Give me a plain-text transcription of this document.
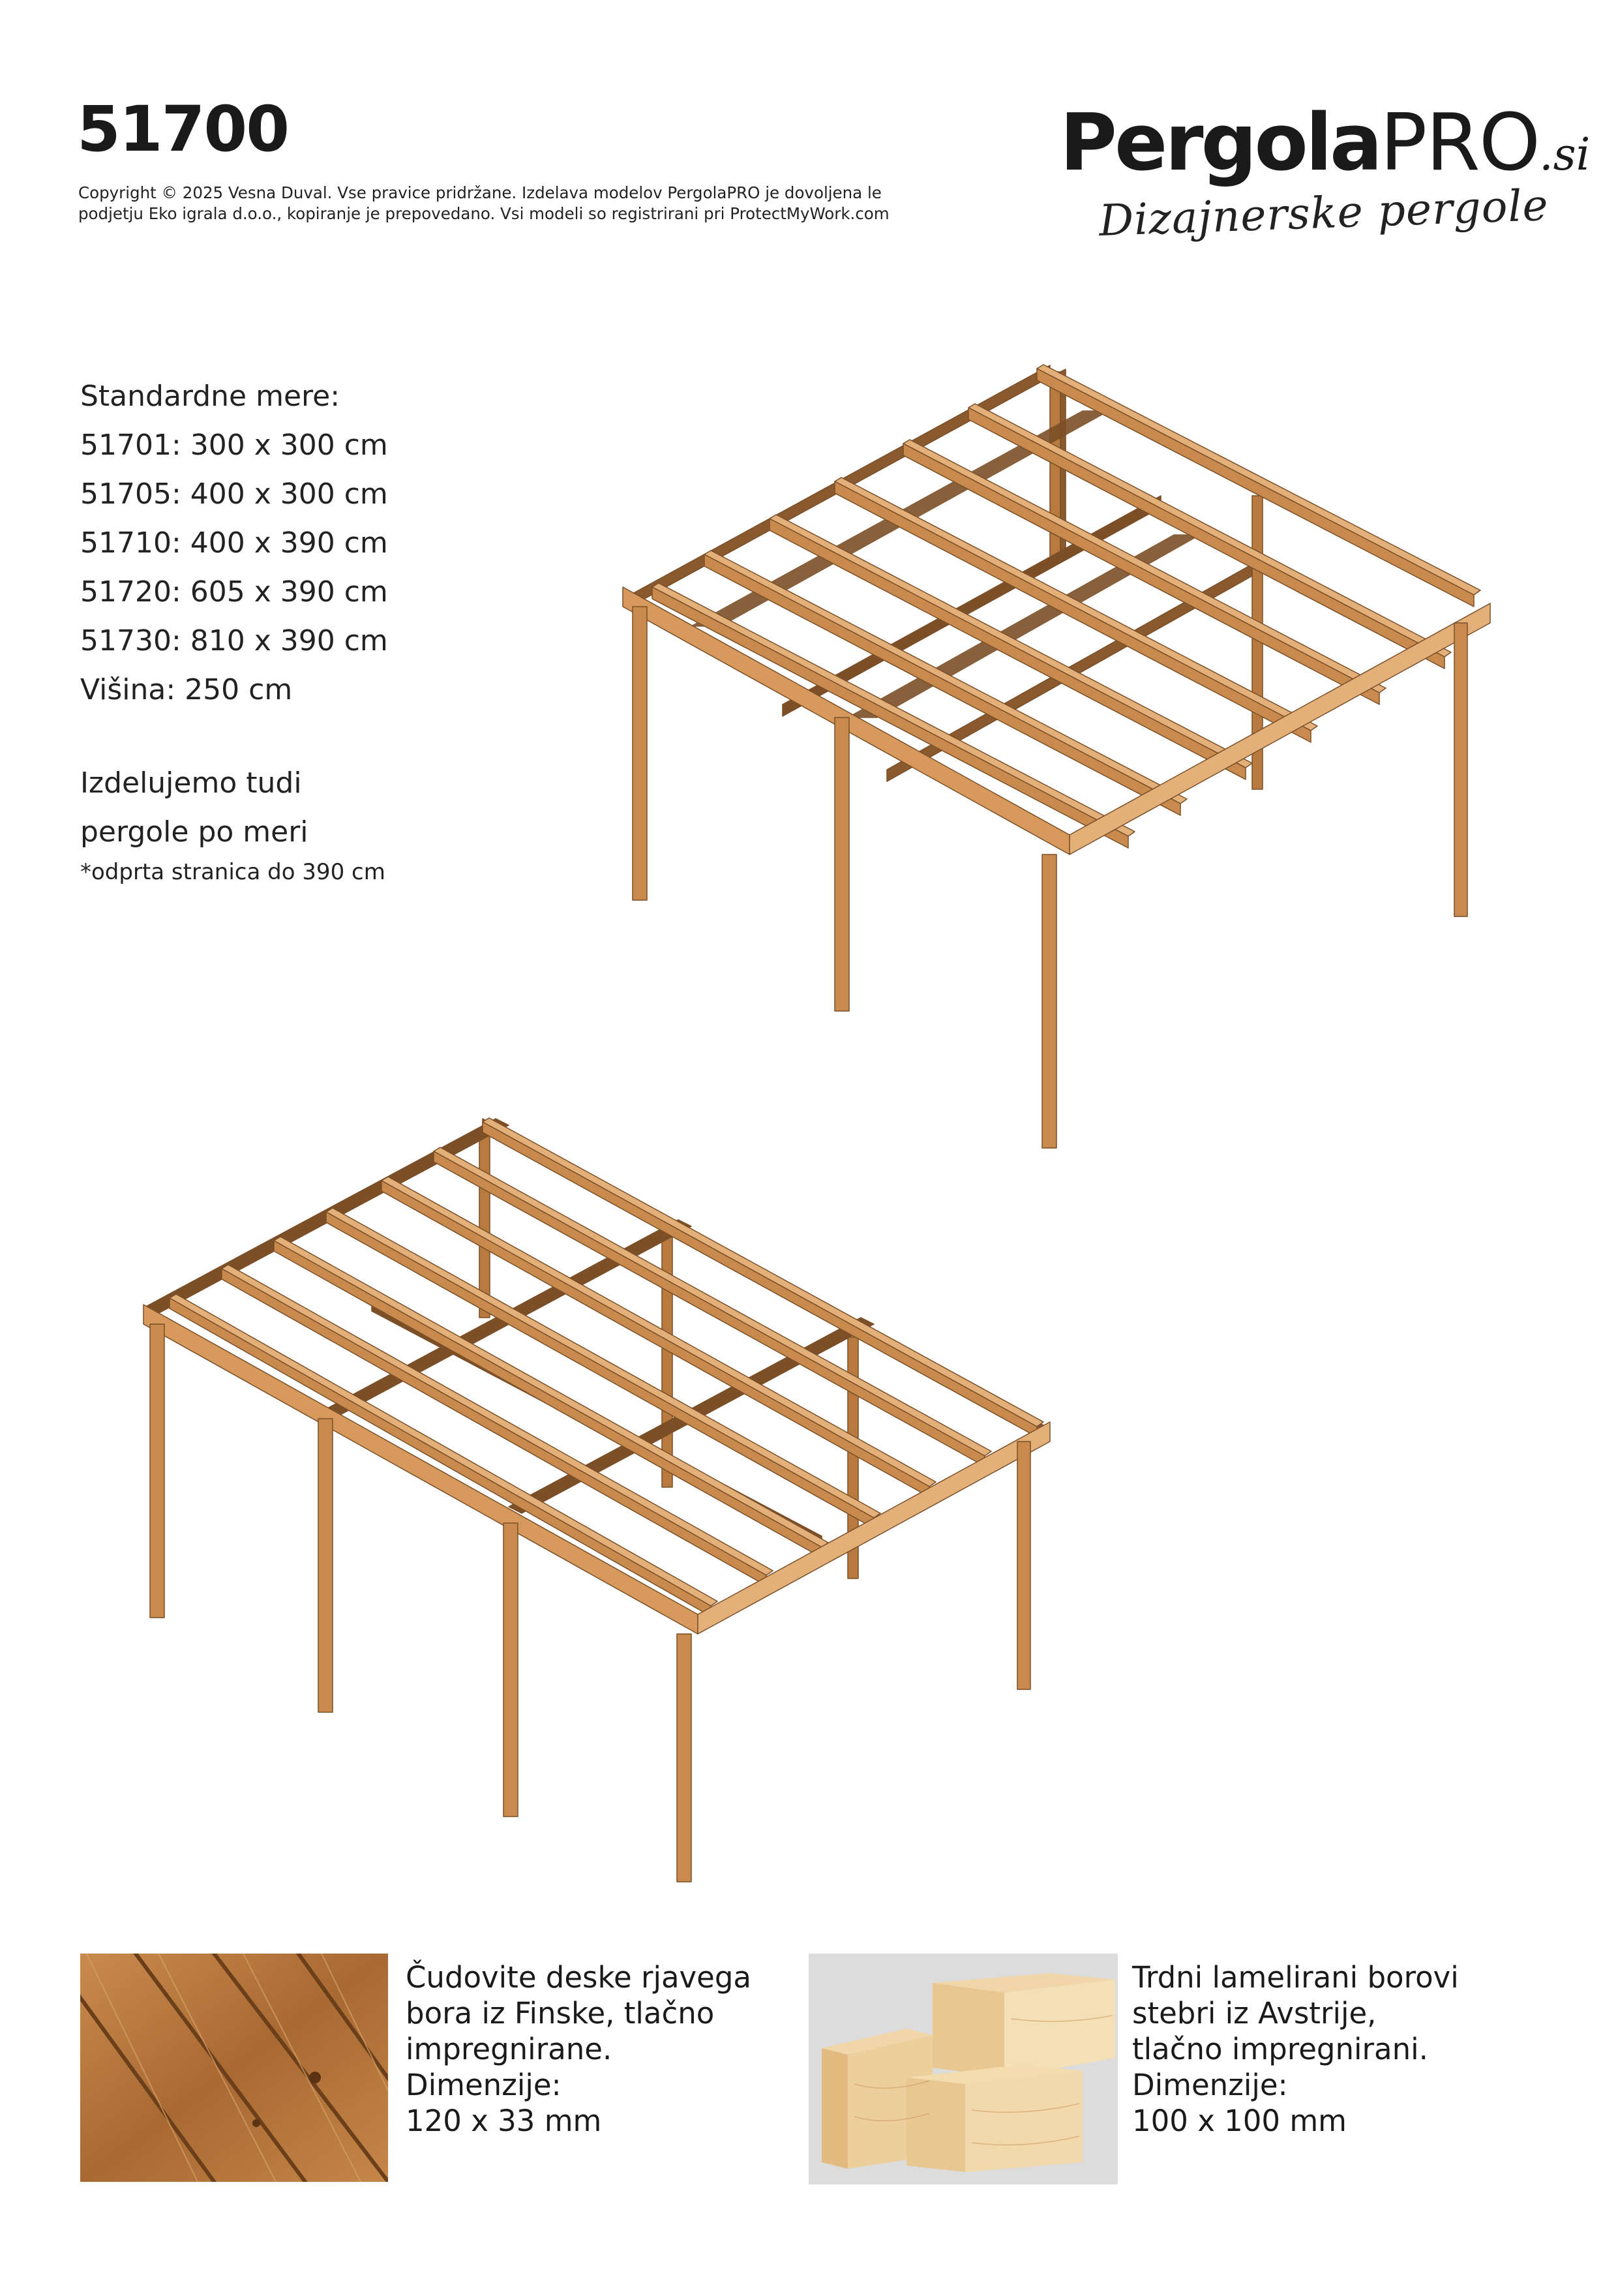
51700
Copyright © 2025 Vesna Duval. Vse pravice pridržane. Izdelava modelov PergolaPRO je dovoljena le
podjetju Eko igrala d.o.o., kopiranje je prepovedano. Vsi modeli so registrirani pri ProtectMyWork.com
PergolaPRO.si
Dizajnerske pergole
Standardne mere:
51701: 300 x 300 cm
51705: 400 x 300 cm
51710: 400 x 390 cm
51720: 605 x 390 cm
51730: 810 x 390 cm
Višina: 250 cm
Izdelujemo tudi
pergole po meri
*odprta stranica do 390 cm
Čudovite deske rjavega
bora iz Finske, tlačno
impregnirane.
Dimenzije:
120 x 33 mm
Trdni lamelirani borovi
stebri iz Avstrije,
tlačno impregnirani.
Dimenzije:
100 x 100 mm
